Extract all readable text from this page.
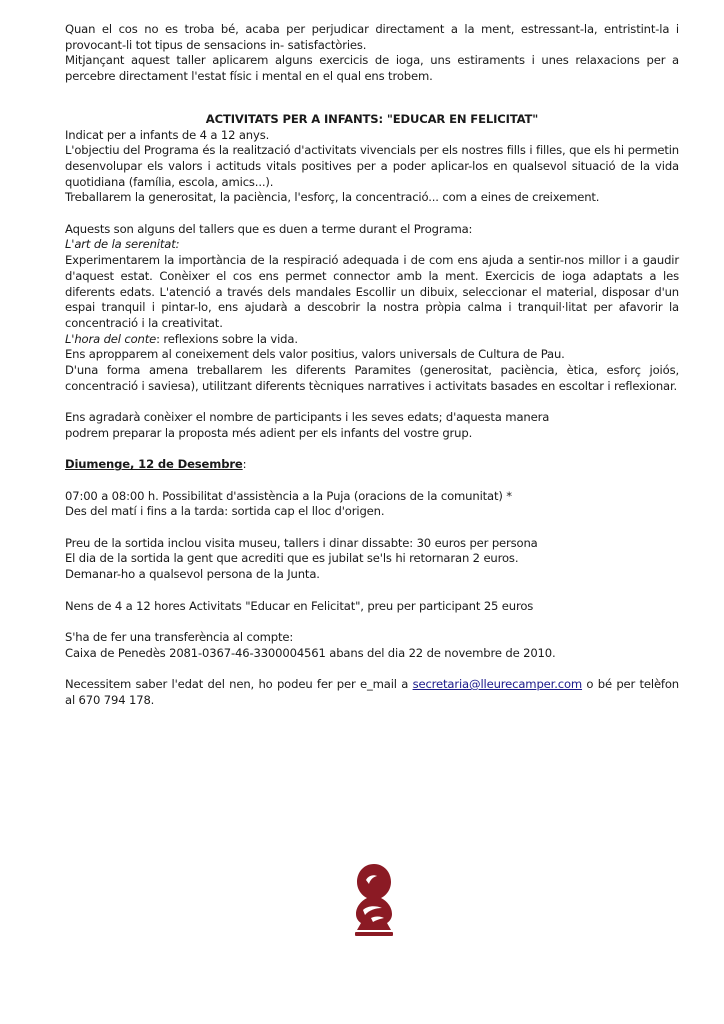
Quan el cos no es troba bé, acaba per perjudicar directament a la ment, estressant-la, entristint-la i provocant-li tot tipus de sensacions in- satisfactòries.

Mitjançant aquest taller aplicarem alguns exercicis de ioga, uns estiraments i unes relaxacions per a percebre directament l'estat físic i mental en el qual ens trobem.

ACTIVITATS PER A INFANTS: "EDUCAR EN FELICITAT"

Indicat per a infants de 4 a 12 anys.

L'objectiu del Programa és la realització d'activitats vivencials per els nostres fills i filles, que els hi permetin desenvolupar els valors i actituds vitals positives per a poder aplicar-los en qualsevol situació de la vida quotidiana (família, escola, amics...).

Treballarem la generositat, la paciència, l'esforç, la concentració... com a eines de creixement.

Aquests son alguns del tallers que es duen a terme durant el Programa:

L'art de la serenitat:

Experimentarem la importància de la respiració adequada i de com ens ajuda a sentir-nos millor i a gaudir d'aquest estat. Conèixer el cos ens permet connector amb la ment. Exercicis de ioga adaptats a les diferents edats. L'atenció a través dels mandales Escollir un dibuix, seleccionar el material, disposar d'un espai tranquil i pintar-lo, ens ajudarà a descobrir la nostra pròpia calma i tranquil·litat per afavorir la concentració i la creativitat.

L'hora del conte: reflexions sobre la vida.

Ens apropparem al coneixement dels valor positius, valors universals de Cultura de Pau.

D'una forma amena treballarem les diferents Paramites (generositat, paciència, ètica, esforç joiós, concentració i saviesa), utilitzant diferents tècniques narratives i activitats basades en escoltar i reflexionar.

Ens agradarà conèixer el nombre de participants i les seves edats; d'aquesta manera

podrem preparar la proposta més adient per els infants del vostre grup.

Diumenge, 12 de Desembre:

07:00 a 08:00 h. Possibilitat d'assistència a la Puja (oracions de la comunitat) *

Des del matí i fins a la tarda: sortida cap el lloc d'origen.

Preu de la sortida inclou visita museu, tallers i dinar dissabte: 30 euros per persona

El dia de la sortida la gent que acrediti que es jubilat se'ls hi retornaran 2 euros.

Demanar-ho a qualsevol persona de la Junta.

Nens de 4 a 12 hores Activitats "Educar en Felicitat", preu per participant 25 euros

S'ha de fer una transferència al compte:

Caixa de Penedès 2081-0367-46-3300004561 abans del dia 22 de novembre de 2010.

Necessitem saber l'edat del nen, ho podeu fer per e_mail a secretaria@lleurecamper.com o bé per telèfon al 670 794 178.
